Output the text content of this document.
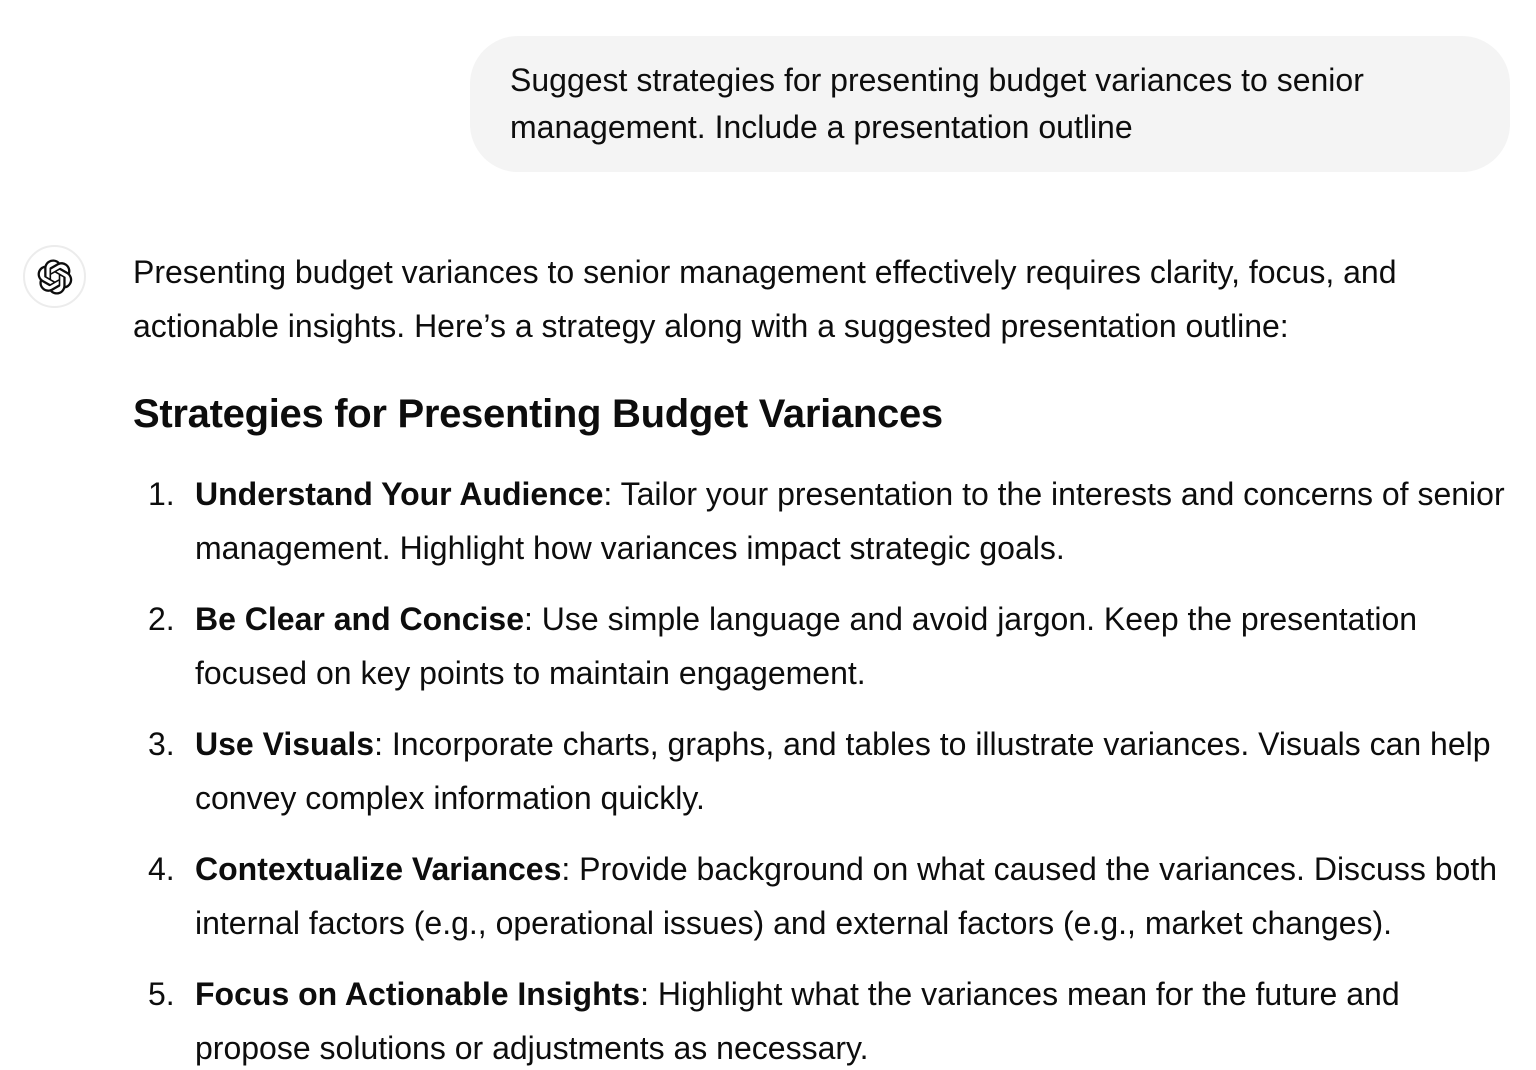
Suggest strategies for presenting budget variances to senior management. Include a presentation outline

Presenting budget variances to senior management effectively requires clarity, focus, and actionable insights. Here’s a strategy along with a suggested presentation outline:

Strategies for Presenting Budget Variances
1. Understand Your Audience: Tailor your presentation to the interests and concerns of senior management. Highlight how variances impact strategic goals.
2. Be Clear and Concise: Use simple language and avoid jargon. Keep the presentation focused on key points to maintain engagement.
3. Use Visuals: Incorporate charts, graphs, and tables to illustrate variances. Visuals can help convey complex information quickly.
4. Contextualize Variances: Provide background on what caused the variances. Discuss both internal factors (e.g., operational issues) and external factors (e.g., market changes).
5. Focus on Actionable Insights: Highlight what the variances mean for the future and propose solutions or adjustments as necessary.
